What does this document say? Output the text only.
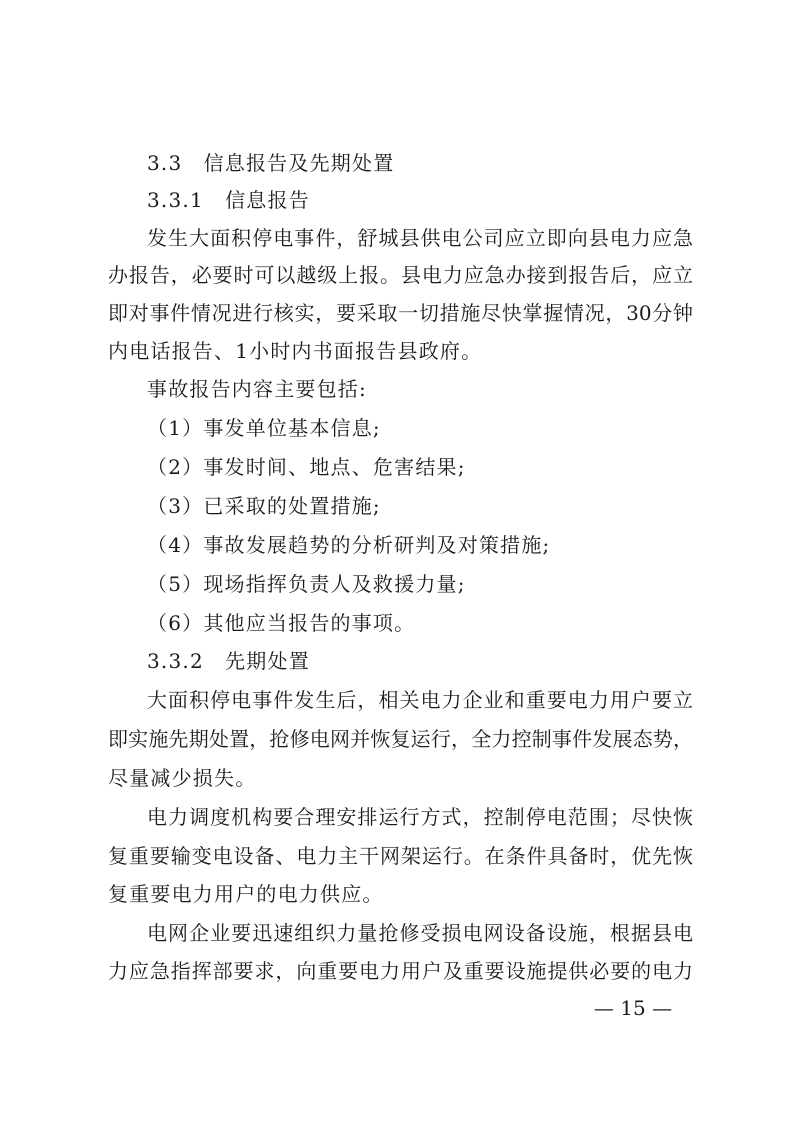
3.3　信息报告及先期处置
3.3.1　信息报告
发生大面积停电事件，舒城县供电公司应立即向县电力应急
办报告，必要时可以越级上报。县电力应急办接到报告后，应立
即对事件情况进行核实，要采取一切措施尽快掌握情况，30分钟
内电话报告、1小时内书面报告县政府。
事故报告内容主要包括:
（1）事发单位基本信息;
（2）事发时间、地点、危害结果;
（3）已采取的处置措施;
（4）事故发展趋势的分析研判及对策措施;
（5）现场指挥负责人及救援力量;
（6）其他应当报告的事项。
3.3.2　先期处置
大面积停电事件发生后，相关电力企业和重要电力用户要立
即实施先期处置，抢修电网并恢复运行，全力控制事件发展态势，
尽量减少损失。
电力调度机构要合理安排运行方式，控制停电范围；尽快恢
复重要输变电设备、电力主干网架运行。在条件具备时，优先恢
复重要电力用户的电力供应。
电网企业要迅速组织力量抢修受损电网设备设施，根据县电
力应急指挥部要求，向重要电力用户及重要设施提供必要的电力
— 15 —
